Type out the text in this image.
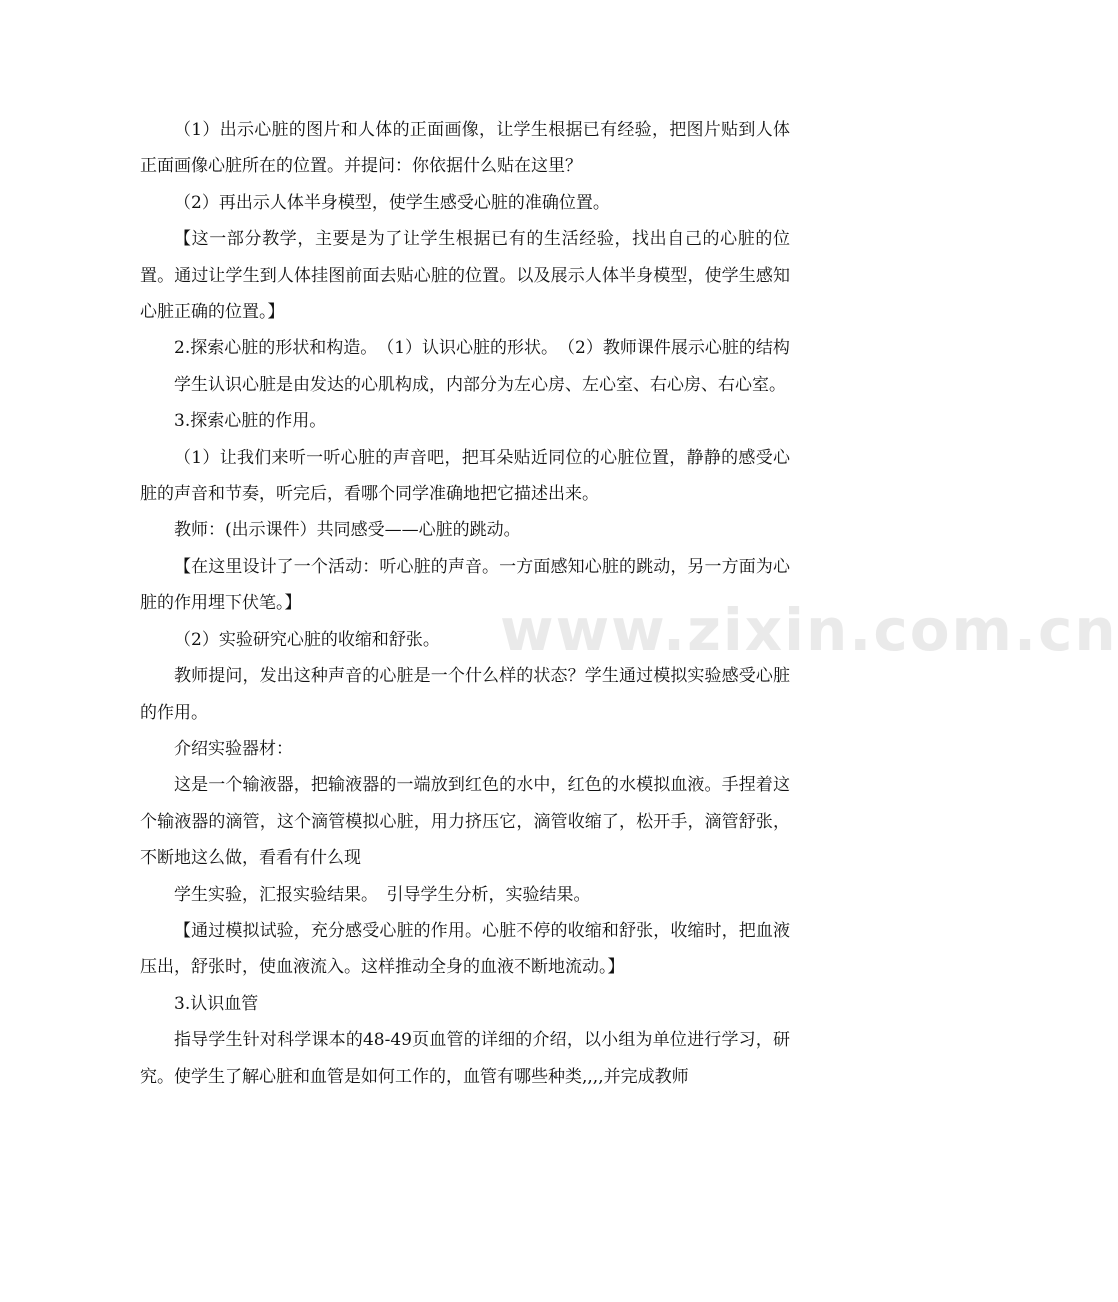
（1）出示心脏的图片和人体的正面画像，让学生根据已有经验，把图片贴到人体正面画像心脏所在的位置。并提问：你依据什么贴在这里？

（2）再出示人体半身模型，使学生感受心脏的准确位置。

【这一部分教学，主要是为了让学生根据已有的生活经验，找出自己的心脏的位置。通过让学生到人体挂图前面去贴心脏的位置。以及展示人体半身模型，使学生感知心脏正确的位置。】

2.探索心脏的形状和构造。　（1）认识心脏的形状。　（2）教师课件展示心脏的结构

学生认识心脏是由发达的心肌构成，内部分为左心房、左心室、右心房、右心室。

3.探索心脏的作用。

（1）让我们来听一听心脏的声音吧，把耳朵贴近同位的心脏位置，静静的感受心脏的声音和节奏，听完后，看哪个同学准确地把它描述出来。

教师：(出示课件）共同感受——心脏的跳动。

【在这里设计了一个活动：听心脏的声音。一方面感知心脏的跳动，另一方面为心脏的作用埋下伏笔。】

（2）实验研究心脏的收缩和舒张。

教师提问，发出这种声音的心脏是一个什么样的状态？学生通过模拟实验感受心脏的作用。

介绍实验器材：

这是一个输液器，把输液器的一端放到红色的水中，红色的水模拟血液。手捏着这个输液器的滴管，这个滴管模拟心脏，用力挤压它，滴管收缩了，松开手，滴管舒张，不断地这么做，看看有什么现

学生实验，汇报实验结果。　引导学生分析，实验结果。

【通过模拟试验，充分感受心脏的作用。心脏不停的收缩和舒张，收缩时，把血液压出，舒张时，使血液流入。这样推动全身的血液不断地流动。】

3.认识血管

指导学生针对科学课本的48-49页血管的详细的介绍，以小组为单位进行学习，研究。使学生了解心脏和血管是如何工作的，血管有哪些种类,,,,并完成教师

www.zixin.com.cn
